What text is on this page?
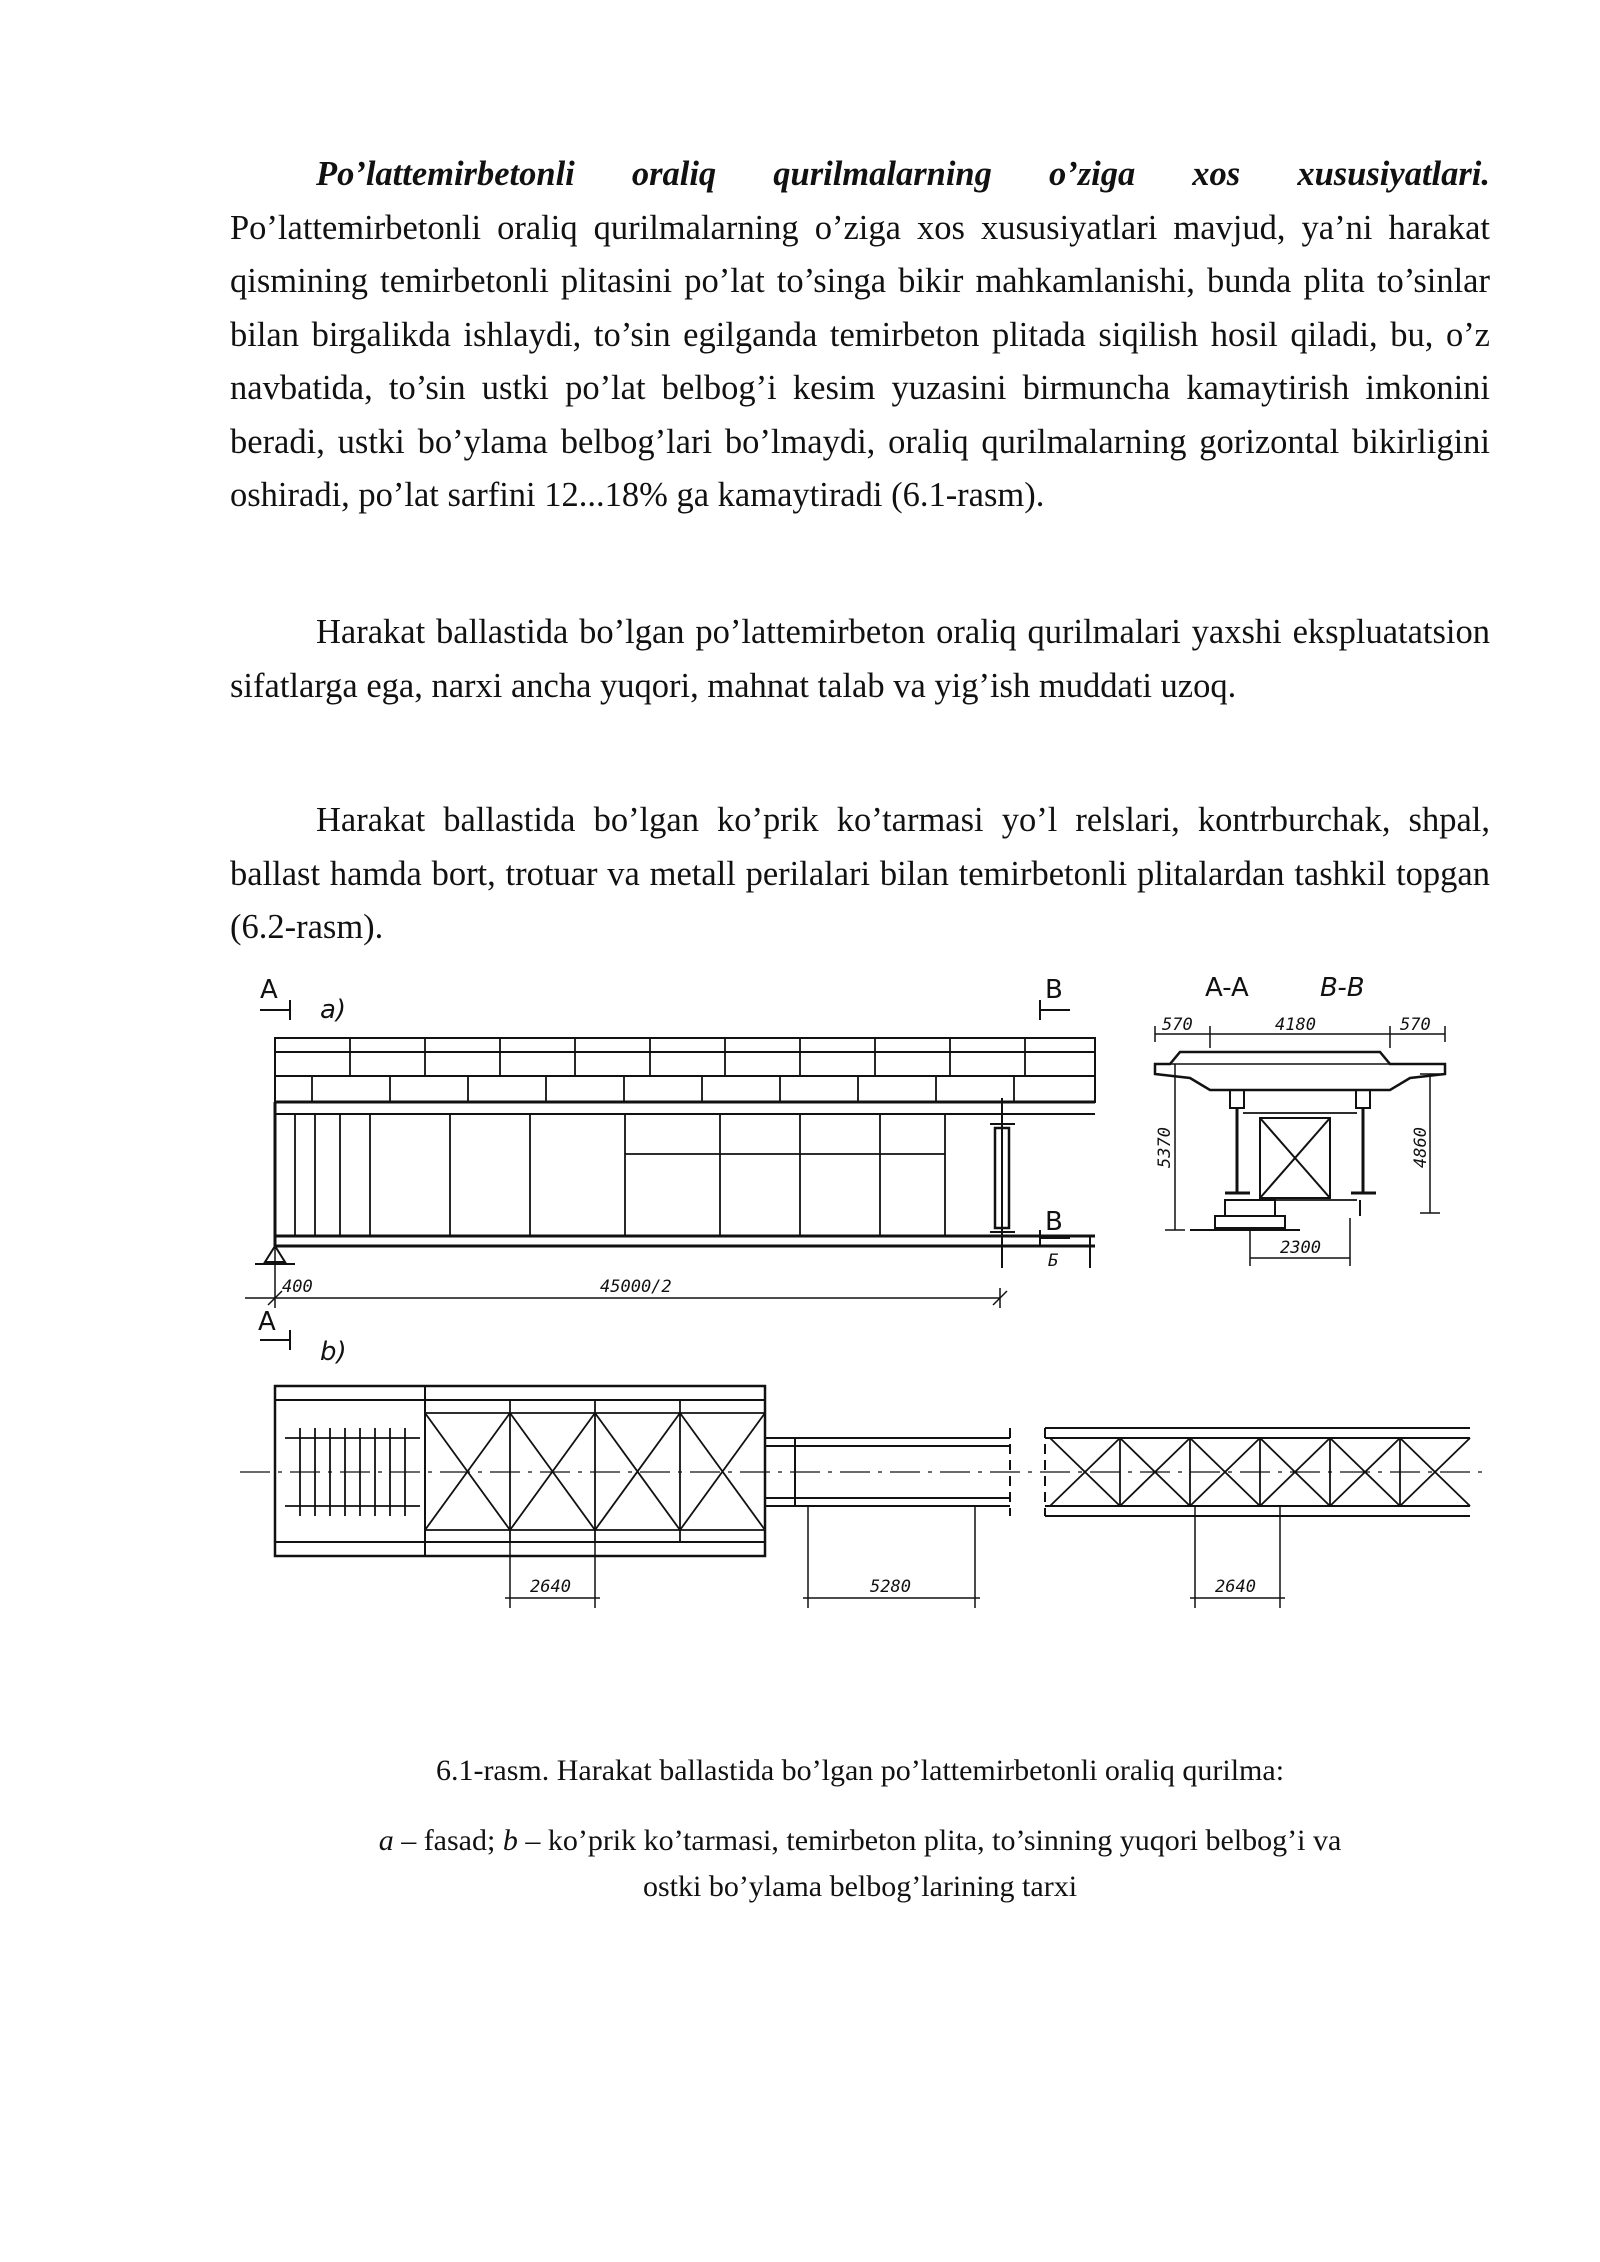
Po’lattemirbetonli oraliq qurilmalarning o’ziga xos xususiyatlari. Po’lattemirbetonli oraliq qurilmalarning o’ziga xos xususiyatlari mavjud, ya’ni harakat qismining temirbetonli plitasini po’lat to’singa bikir mahkamlanishi, bunda plita to’sinlar bilan birgalikda ishlaydi, to’sin egilganda temirbeton plitada siqilish hosil qiladi, bu, o’z navbatida, to’sin ustki po’lat belbog’i kesim yuzasini birmuncha kamaytirish imkonini beradi, ustki bo’ylama belbog’lari bo’lmaydi, oraliq qurilmalarning gorizontal bikirligini oshiradi, po’lat sarfini 12...18% ga kamaytiradi (6.1-rasm).

Harakat ballastida bo’lgan po’lattemirbeton oraliq qurilmalari yaxshi ekspluatatsion sifatlarga ega, narxi ancha yuqori, mahnat talab va yig’ish muddati uzoq.

Harakat ballastida bo’lgan ko’prik ko’tarmasi yo’l relslari, kontrburchak, shpal, ballast hamda bort, trotuar va metall perilalari bilan temirbetonli plitalardan tashkil topgan (6.2-rasm).

A
a)
B
B
Б
A
b)
400	45000/2
A-A	B-B
570	4180	570
5370	4860
2300
2640	5280	2640
6.1-rasm. Harakat ballastida bo’lgan po’lattemirbetonli oraliq qurilma:
a – fasad; b – ko’prik ko’tarmasi, temirbeton plita, to’sinning yuqori belbog’i va
ostki bo’ylama belbog’larining tarxi
